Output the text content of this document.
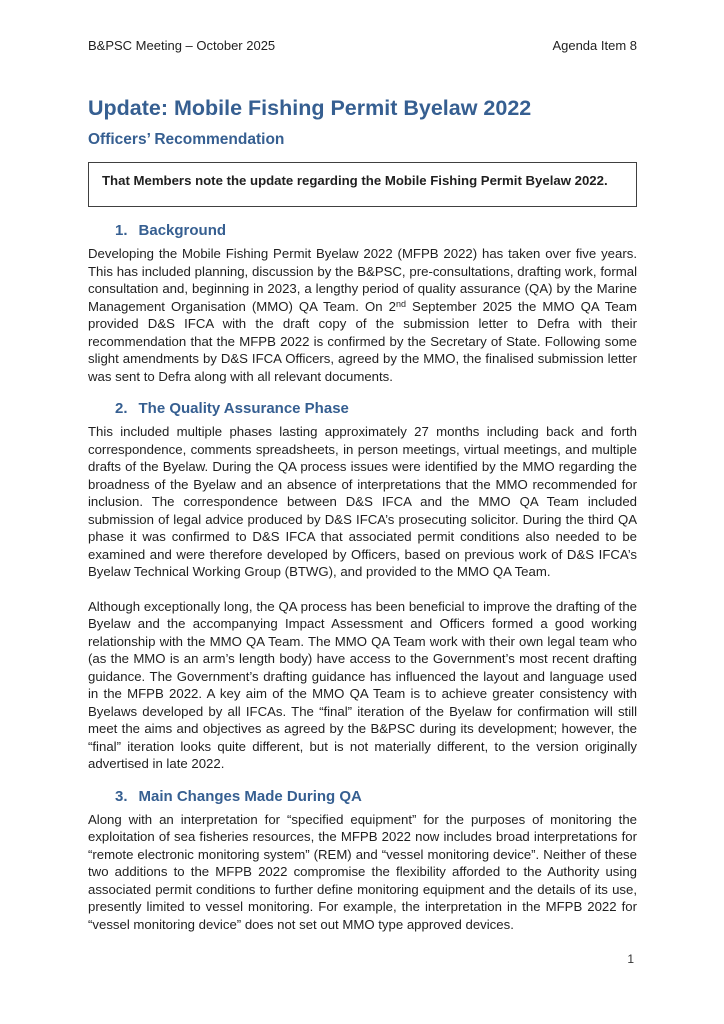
B&PSC Meeting – October 2025	Agenda Item 8
Update: Mobile Fishing Permit Byelaw 2022
Officers’ Recommendation

That Members note the update regarding the Mobile Fishing Permit Byelaw 2022.

1. Background

Developing the Mobile Fishing Permit Byelaw 2022 (MFPB 2022) has taken over five years. This has included planning, discussion by the B&PSC, pre-consultations, drafting work, formal consultation and, beginning in 2023, a lengthy period of quality assurance (QA) by the Marine Management Organisation (MMO) QA Team. On 2nd September 2025 the MMO QA Team provided D&S IFCA with the draft copy of the submission letter to Defra with their recommendation that the MFPB 2022 is confirmed by the Secretary of State. Following some slight amendments by D&S IFCA Officers, agreed by the MMO, the finalised submission letter was sent to Defra along with all relevant documents.

2. The Quality Assurance Phase

This included multiple phases lasting approximately 27 months including back and forth correspondence, comments spreadsheets, in person meetings, virtual meetings, and multiple drafts of the Byelaw. During the QA process issues were identified by the MMO regarding the broadness of the Byelaw and an absence of interpretations that the MMO recommended for inclusion. The correspondence between D&S IFCA and the MMO QA Team included submission of legal advice produced by D&S IFCA’s prosecuting solicitor. During the third QA phase it was confirmed to D&S IFCA that associated permit conditions also needed to be examined and were therefore developed by Officers, based on previous work of D&S IFCA’s Byelaw Technical Working Group (BTWG), and provided to the MMO QA Team.

Although exceptionally long, the QA process has been beneficial to improve the drafting of the Byelaw and the accompanying Impact Assessment and Officers formed a good working relationship with the MMO QA Team. The MMO QA Team work with their own legal team who (as the MMO is an arm’s length body) have access to the Government’s most recent drafting guidance. The Government’s drafting guidance has influenced the layout and language used in the MFPB 2022. A key aim of the MMO QA Team is to achieve greater consistency with Byelaws developed by all IFCAs. The “final” iteration of the Byelaw for confirmation will still meet the aims and objectives as agreed by the B&PSC during its development; however, the “final” iteration looks quite different, but is not materially different, to the version originally advertised in late 2022.

3. Main Changes Made During QA

Along with an interpretation for “specified equipment” for the purposes of monitoring the exploitation of sea fisheries resources, the MFPB 2022 now includes broad interpretations for “remote electronic monitoring system” (REM) and “vessel monitoring device”. Neither of these two additions to the MFPB 2022 compromise the flexibility afforded to the Authority using associated permit conditions to further define monitoring equipment and the details of its use, presently limited to vessel monitoring. For example, the interpretation in the MFPB 2022 for “vessel monitoring device” does not set out MMO type approved devices.

1
